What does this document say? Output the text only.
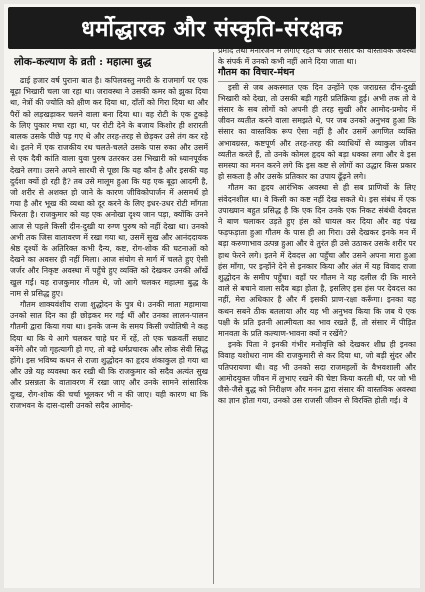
धर्मोद्धारक और संस्कृति-संरक्षक
लोक-कल्याण के व्रती : महात्मा बुद्ध

ढाई हजार वर्ष पुराना बात है। कपिलवस्तु नगरी के राजमार्ग पर एक बूढ़ा भिखारी चला जा रहा था। जरावस्था ने उसकी कमर को झुका दिया था, नेत्रों की ज्योति को क्षीण कर दिया था, दाँतों को गिरा दिया था और पैरों को लड़खड़ाकर चलने वाला बना दिया था। वह रोटी के एक टुकड़े के लिए पुकार मचा रहा था, पर रोटी देने के बजाय किशोर ही शरारती बालक उसके पीछे पड़ गए थे और तरह-तरह से छेड़कर उसे तंग कर रहे थे। इतने में एक राजकीय रथ चलते-चलते उसके पास रुका और उसमें से एक दैवी कांति वाला युवा पुरुष उतरकर उस भिखारी को ध्यानपूर्वक देखने लगा। उसने अपने सारथी से पूछा कि यह कौन है और इसकी यह दुर्दशा क्यों हो रही है? तब उसे मालूम हुआ कि यह एक बूढ़ा आदमी है, जो शरीर से अशक्त हो जाने के कारण जीविकोपार्जन में असमर्थ हो गया है और भूख की व्यथा को दूर करने के लिए इधर-उधर रोटी माँगता फिरता है। राजकुमार को यह एक अनोखा दृश्य जान पड़ा, क्योंकि उनने आज से पहले किसी दीन-दुखी या रुग्ण पुरुष को नहीं देखा था। उनको अभी तक जिस वातावरण में रखा गया था, उसमें सुख और आनंददायक श्रेष्ठ दृश्यों के अतिरिक्त कभी दैन्य, कष्ट, रोग-शोक की घटनाओं को देखने का अवसर ही नहीं मिला। आज संयोग से मार्ग में चलते हुए ऐसी जर्जर और निकृष्ट अवस्था में पहुँचे हुए व्यक्ति को देखकर उनकी आँखें खुल गईं। यह राजकुमार गौतम थे, जो आगे चलकर महात्मा बुद्ध के नाम से प्रसिद्ध हुए।

गौतम शाक्यवंशीय राजा शुद्धोदन के पुत्र थे। उनकी माता महामाया उनको सात दिन का ही छोड़कर मर गई थीं और उनका लालन-पालन गौतमी द्वारा किया गया था। इनके जन्म के समय किसी ज्योतिषी ने कह दिया था कि ये आगे चलकर चाहे घर में रहें, तो एक चक्रवर्ती सम्राट बनेंगे और जो गृहत्यागी हो गए, तो बड़े धर्मप्रचारक और लोक सेवी सिद्ध होंगे। इस भविष्य कथन से राजा शुद्धोदन का हृदय शंकाकुल हो गया था और उन्ने यह व्यवस्था कर रखी थी कि राजकुमार को सदैव अत्यंत सुख और प्रसन्नता के वातावरण में रखा जाए और उनके सामने सांसारिक दुःख, रोग-शोक की चर्चा भूलकर भी न की जाए। यही कारण था कि राजभवन के दास-दासी उनको सदैव आमोद-

प्रमोद तथा मनोरंजन में लगाए रहते थे और संसार की वास्तविक अवस्था के संपर्क में उनको कभी नहीं आने दिया जाता था।

गौतम का विचार-मंथन

इसी से जब अकस्मात एक दिन उन्होंने एक जराग्रस्त दीन-दुखी भिखारी को देखा, तो उसकी बड़ी गहरी प्रतिक्रिया हुई। अभी तक तो वे संसार के सब लोगों को अपनी ही तरह सुखी और आमोद-प्रमोद में जीवन व्यतीत करने वाला समझते थे, पर जब उनको अनुभव हुआ कि संसार का वास्तविक रूप ऐसा नहीं है और उसमें अगणित व्यक्ति अभावग्रस्त, कष्टपूर्ण और तरह-तरह की व्याधियों से व्याकुल जीवन व्यतीत करते हैं, तो उनके कोमल हृदय को बड़ा धक्का लगा और वे इस समस्या का मनन करने लगे कि इस कष्ट से लोगों का उद्धार किस प्रकार हो सकता है और उसके प्रतिकार का उपाय ढूँढ़ने लगे।

गौतम का हृदय आरंभिक अवस्था से ही सब प्राणियों के लिए संवेदनशील था। वे किसी का कष्ट नहीं देख सकते थे। इस संबंध में एक उपाख्यान बहुत प्रसिद्ध है कि एक दिन उनके एक निकट संबंधी देवदत्त ने बाण चलाकर उड़ते हुए हंस को घायल कर दिया और वह पंख फड़फड़ाता हुआ गौतम के पास ही आ गिरा। उसे देखकर इनके मन में बड़ा करुणाभाव उत्पन्न हुआ और वे तुरंत ही उसे उठाकर उसके शरीर पर हाथ फेरने लगे। इतने में देवदत्त आ पहुँचा और उसने अपना मारा हुआ हंस माँगा, पर इन्होंने देने से इनकार किया और अंत में यह विवाद राजा शुद्धोदन के समीप पहुँचा। वहाँ पर गौतम ने यह दलील दी कि मारने वाले से बचाने वाला सदैव बड़ा होता है, इसलिए इस हंस पर देवदत्त का नहीं, मेरा अधिकार है और मैं इसकी प्राण-रक्षा करूँगा। इनका यह कथन सबने ठीक बतलाया और यह भी अनुभव किया कि जब ये एक पक्षी के प्रति इतनी आत्मीयता का भाव रखते हैं, तो संसार में पीड़ित मानवता के प्रति कल्याण-भावना क्यों न रखेंगे?

इनके पिता ने इनकी गंभीर मनोवृत्ति को देखकर शीघ्र ही इनका विवाह यशोधरा नाम की राजकुमारी से कर दिया था, जो बड़ी सुंदर और पतिपरायणा थी। वह भी उनको सदा राजमहलों के वैभवशाली और आमोदयुक्त जीवन में लुभाए रखने की चेष्टा किया करती थी, पर जो भी जैसे-जैसे बुद्ध को निरीक्षण और मनन द्वारा संसार की वास्तविक अवस्था का ज्ञान होता गया, उनको उस राजसी जीवन से विरक्ति होती गई। वे
